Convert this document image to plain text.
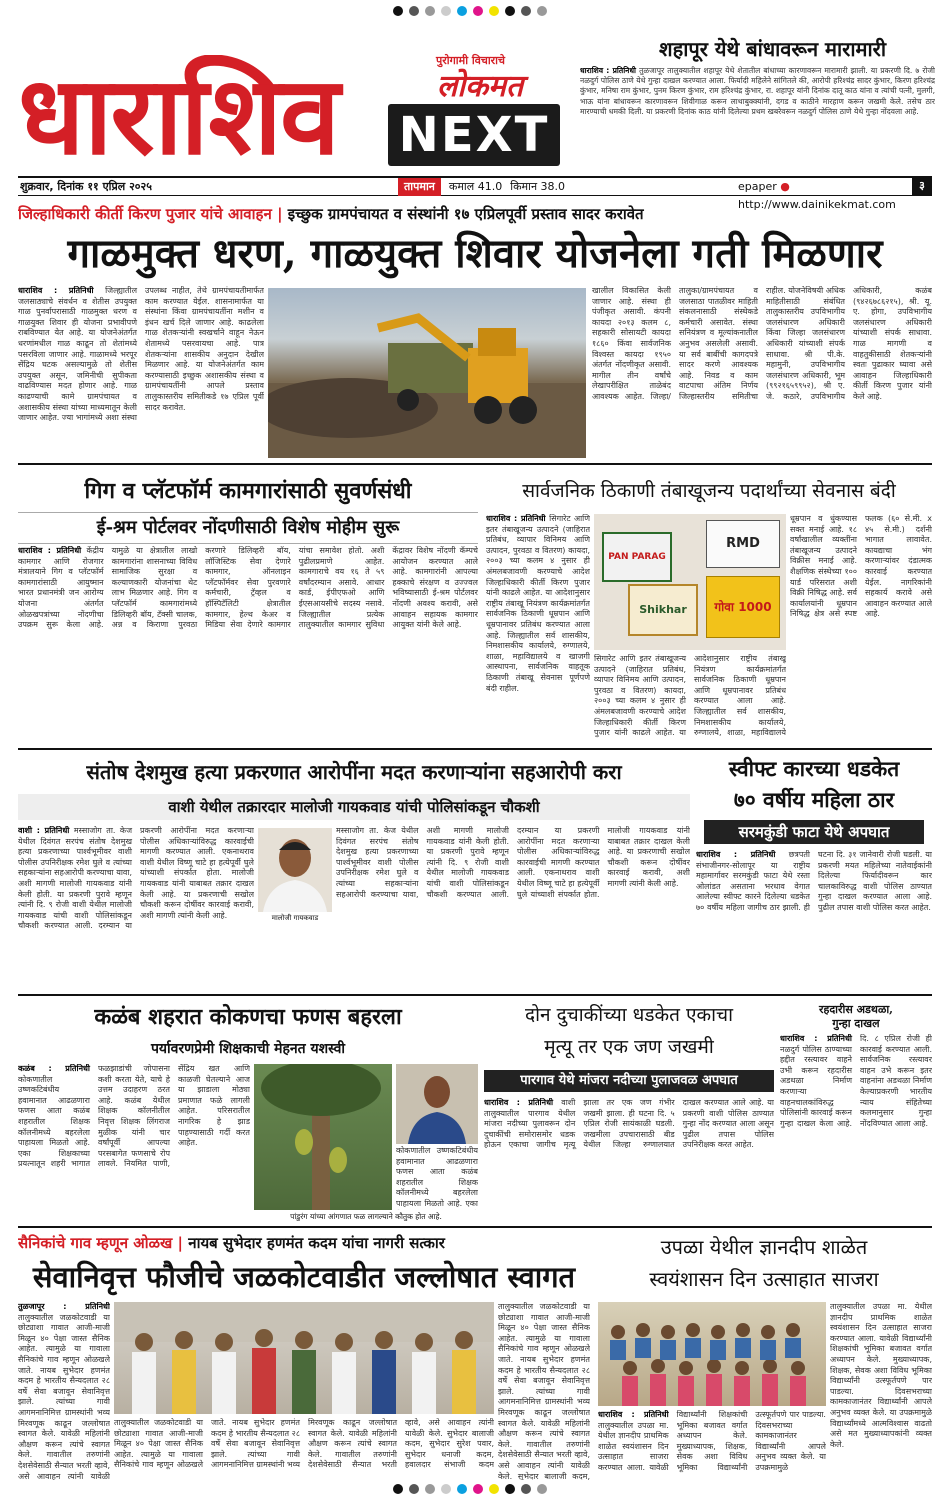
धाराशिव	पुरोगामी विचाराचे
लोकमत
NEXT
शहापूर येथे बांधावरून मारामारी
धाराशिव : प्रतिनिधी तुळजापूर तालुक्यातील शहापूर येथे शेतातील बांधाच्या कारणावरून मारामारी झाली. या प्रकरणी दि. ७ रोजी नळदुर्ग पोलिस ठाणे येथे गुन्हा दाखल करण्यात आला. फिर्यादी महिलेने सांगितले की, आरोपी हरिश्चंद्र सादर कुंभार, किरण हरिश्चंद्र कुंभार, मनिषा राम कुंभार, पुनम किरण कुंभार, राम हरिश्चंद्र कुंभार, रा. शहापूर यांनी दिनांक दातू काठ यांना व त्यांची पत्नी, मुलगी, भाऊ यांना बांधावरून कारणावरून शिवीगाळ करून लाथाबुक्क्यांनी, दगड व काठीने मारहाण करून जखमी केले. तसेच ठार मारण्याची धमकी दिली. या प्रकरणी दिनांक काठ यांनी दिलेल्या प्रथम खबरेवरून नळदुर्ग पोलिस ठाणे येथे गुन्हा नोंदवला आहे.
शुक्रवार, दिनांक ११ एप्रिल २०२५	तापमान	कमाल 41.0 किमान 38.0	epaper ● http://www.dainikekmat.com
३
जिल्हाधिकारी कीर्ती किरण पुजार यांचे आवाहन | इच्छुक ग्रामपंचायत व संस्थांनी १७ एप्रिलपूर्वी प्रस्ताव सादर करावेत
गाळमुक्त धरण, गाळयुक्त शिवार योजनेला गती मिळणार
धाराशिव : प्रतिनिधी जिल्ह्यातील जलसाठ्याचे संवर्धन व शेतीस उपयुक्त गाळ पुनर्वापरासाठी गाळमुक्त धरण व गाळयुक्त शिवार ही योजना प्रभावीपणे राबविण्यात येत आहे. या योजनेअंतर्गत धरणांमधील गाळ काढून तो शेतांमध्ये पसरविला जाणार आहे. गाळामध्ये भरपूर सेंद्रिय घटक असल्यामुळे तो शेतीस उपयुक्त असून, जमिनीची सुपीकता वाढविण्यास मदत होणार आहे. गाळ काढण्याची कामे ग्रामपंचायत व अशासकीय संस्था यांच्या माध्यमातून केली जाणार आहेत. ज्या भागांमध्ये अशा संस्था उपलब्ध नाहीत, तेथे ग्रामपंचायतीमार्फत काम करण्यात येईल. शासनामार्फत या संस्थांना किंवा ग्रामपंचायतींना मशीन व इंधन खर्च दिले जाणार आहे. काढलेला गाळ शेतकऱ्यांनी स्वखर्चाने वाहून नेऊन शेतामध्ये पसरवायचा आहे. पात्र शेतकऱ्यांना शासकीय अनुदान देखील मिळणार आहे. या योजनेअंतर्गत काम करण्यासाठी इच्छुक अशासकीय संस्था व ग्रामपंचायतींनी आपले प्रस्ताव तालुकास्तरीय समितीकडे १७ एप्रिल पूर्वी सादर करावेत.
खालील विकासित केली जाणार आहे. संस्था ही पंजीकृत असावी. कंपनी कायदा २०१३ कलम ८, सहकारी सोसायटी कायदा १८६० किंवा सार्वजनिक विश्वस्त कायदा १९५० अंतर्गत नोंदणीकृत असावी. मागील तीन वर्षांचे लेखापरीक्षित ताळेबंद आवश्यक आहेत. जिल्हा/तालुका/ग्रामपंचायत व जलसाठा पातळीवर माहिती संकलनासाठी संस्थेकडे कर्मचारी असावेत. संस्था सनियंत्रण व मूल्यांकनातील अनुभव असलेली असावी. या सर्व बाबींची कागदपत्रे सादर करणे आवश्यक आहे. निवड व काम वाटपाचा अंतिम निर्णय जिल्हास्तरीय समितीचा राहील. योजनेविषयी अधिक माहितीसाठी संबंधित तालुकास्तरीय उपविभागीय जलसंधारण अधिकारी किंवा जिल्हा जलसंधारण अधिकारी यांच्याशी संपर्क साधावा. श्री पी.के. महामुनी, उपविभागीय जलसंधारण अधिकारी, भूम (९९२१६५९९५२), श्री ए. जे. कठारे, उपविभागीय अधिकारी, कळंब (९४२६७८६२१५), श्री. यू. ए. होगा, उपविभागीय जलसंधारण अधिकारी यांच्याशी संपर्क साधावा. गाळ मागणी व वाहतुकीसाठी शेतकऱ्यांनी स्वतः पुढाकार घ्यावा असे आवाहन जिल्हाधिकारी कीर्ती किरण पुजार यांनी केले आहे.
गिग व प्लॅटफॉर्म कामगारांसाठी सुवर्णसंधी
ई-श्रम पोर्टलवर नोंदणीसाठी विशेष मोहीम सुरू
धाराशिव : प्रतिनिधी केंद्रीय कामगार आणि रोजगार मंत्रालयाने गिग व प्लॅटफॉर्म कामगारांसाठी आयुष्मान भारत प्रधानमंत्री जन आरोग्य योजना अंतर्गत ओळखपत्रांच्या नोंदणीचा उपक्रम सुरू केला आहे. यामुळे या क्षेत्रातील लाखो कामगारांना शासनाच्या विविध सामाजिक सुरक्षा व कल्याणकारी योजनांचा थेट लाभ मिळणार आहे. गिग व प्लॅटफॉर्म कामगारांमध्ये डिलिव्हरी बॉय, टॅक्सी चालक, अन्न व किराणा पुरवठा करणारे डिलिव्हरी बॉय, लॉजिस्टिक सेवा देणारे कामगार, ऑनलाइन प्लॅटफॉर्मवर सेवा पुरवणारे कर्मचारी, ट्रॅव्हल व हॉस्पिटॅलिटी क्षेत्रातील कामगार, हेल्थ केअर व मिडिया सेवा देणारे कामगार यांचा समावेश होतो. अशी पुढीलप्रमाणे आहेत. कामगाराचे वय १६ ते ५९ वर्षांदरम्यान असावे. आधार कार्ड, ईपीएफओ आणि ईएसआयसीचे सदस्य नसावे. जिल्ह्यातील प्रत्येक तालुक्यातील कामगार सुविधा केंद्रावर विशेष नोंदणी कॅम्पचे आयोजन करण्यात आले आहे. कामगारांनी आपल्या हक्काचे संरक्षण व उज्ज्वल भविष्यासाठी ई-श्रम पोर्टलवर नोंदणी अवश्य करावी, असे आवाहन सहायक कामगार आयुक्त यांनी केले आहे.
सार्वजनिक ठिकाणी तंबाखूजन्य पदार्थांच्या सेवनास बंदी
धाराशिव : प्रतिनिधी सिगारेट आणि इतर तंबाखूजन्य उत्पादने (जाहिरात प्रतिबंध, व्यापार विनिमय आणि उत्पादन, पुरवठा व वितरण) कायदा, २००३ च्या कलम ४ नुसार ही अंमलबजावणी करण्याचे आदेश जिल्हाधिकारी कीर्ती किरण पुजार यांनी काढले आहेत. या आदेशानुसार राष्ट्रीय तंबाखू नियंत्रण कार्यक्रमांतर्गत सार्वजनिक ठिकाणी धूम्रपान आणि धूम्रपानावर प्रतिबंध करण्यात आला आहे. जिल्ह्यातील सर्व शासकीय, निमशासकीय कार्यालये, रुग्णालये, शाळा, महाविद्यालये व खाजगी आस्थापना, सार्वजनिक वाहतूक ठिकाणी तंबाखू सेवनास पूर्णपणे बंदी राहील.
PAN PARAG
Shikhar
RMD
गोवा 1000
सिगारेट आणि इतर तंबाखूजन्य उत्पादने (जाहिरात प्रतिबंध, व्यापार विनिमय आणि उत्पादन, पुरवठा व वितरण) कायदा, २००३ च्या कलम ४ नुसार ही अंमलबजावणी करण्याचे आदेश जिल्हाधिकारी कीर्ती किरण पुजार यांनी काढले आहेत. या आदेशानुसार राष्ट्रीय तंबाखू नियंत्रण कार्यक्रमांतर्गत सार्वजनिक ठिकाणी धूम्रपान आणि धूम्रपानावर प्रतिबंध करण्यात आला आहे. जिल्ह्यातील सर्व शासकीय, निमशासकीय कार्यालये, रुग्णालये, शाळा, महाविद्यालये
धूम्रपान व धुंकण्यास सक्त मनाई आहे. १८ वर्षांखालील व्यक्तींना तंबाखूजन्य उत्पादने विक्रीस मनाई आहे. शैक्षणिक संस्थेच्या १०० यार्ड परिसरात अशी विक्री निषिद्ध आहे. सर्व कार्यालयांनी धूम्रपान निषिद्ध क्षेत्र असे स्पष्ट फलक (६० से.मी. x ४५ से.मी.) दर्शनी भागात लावावेत. कायद्याचा भंग करणाऱ्यांवर दंडात्मक कारवाई करण्यात येईल. नागरिकांनी सहकार्य करावे असे आवाहन करण्यात आले आहे.
संतोष देशमुख हत्या प्रकरणात आरोपींना मदत करणाऱ्यांना सहआरोपी करा
वाशी येथील तक्रारदार मालोजी गायकवाड यांची पोलिसांकडून चौकशी
वाशी : प्रतिनिधी मस्साजोग ता. केज येथील दिवंगत सरपंच संतोष देशमुख हत्या प्रकरणाच्या पार्श्वभूमीवर वाशी पोलीस उपनिरीक्षक रमेश घुले व त्यांच्या सहकाऱ्यांना सहआरोपी करण्याचा यावा, अशी मागणी मालोजी गायकवाड यांनी केली होती. या प्रकरणी पुरावे म्हणून त्यांनी दि. ९ रोजी वाशी येथील मालोजी गायकवाड यांची वाशी पोलिसांकडून चौकशी करण्यात आली. दरम्यान या प्रकरणी आरोपींना मदत करणाऱ्या पोलीस अधिकाऱ्यांविरुद्ध कारवाईची मागणी करण्यात आली. एकनाथराव वाशी येथील विष्णू चाटे हा हत्येपूर्वी घुले यांच्याशी संपर्कात होता. मालोजी गायकवाड यांनी याबाबत तक्रार दाखल केली आहे. या प्रकरणाची सखोल चौकशी करून दोषींवर कारवाई करावी, अशी मागणी त्यांनी केली आहे.	मालोजी गायकवाड
मस्साजोग ता. केज येथील दिवंगत सरपंच संतोष देशमुख हत्या प्रकरणाच्या पार्श्वभूमीवर वाशी पोलीस उपनिरीक्षक रमेश घुले व त्यांच्या सहकाऱ्यांना सहआरोपी करण्याचा यावा, अशी मागणी मालोजी गायकवाड यांनी केली होती. या प्रकरणी पुरावे म्हणून त्यांनी दि. ९ रोजी वाशी येथील मालोजी गायकवाड यांची वाशी पोलिसांकडून चौकशी करण्यात आली. दरम्यान या प्रकरणी आरोपींना मदत करणाऱ्या पोलीस अधिकाऱ्यांविरुद्ध कारवाईची मागणी करण्यात आली. एकनाथराव वाशी येथील विष्णू चाटे हा हत्येपूर्वी घुले यांच्याशी संपर्कात होता. मालोजी गायकवाड यांनी याबाबत तक्रार दाखल केली आहे. या प्रकरणाची सखोल चौकशी करून दोषींवर कारवाई करावी, अशी मागणी त्यांनी केली आहे.
स्वीफ्ट कारच्या धडकेत
७० वर्षीय महिला ठार
सरमकुंडी फाटा येथे अपघात
धाराशिव : प्रतिनिधी छत्रपती संभाजीनगर-सोलापूर या राष्ट्रीय महामार्गावर सरमकुंडी फाटा येथे रस्ता ओलांडत असताना भरधाव वेगात आलेल्या स्वीफ्ट कारने दिलेल्या धडकेत ७० वर्षीय महिला जागीच ठार झाली. ही घटना दि. ३१ जानेवारी रोजी घडली. या प्रकरणी मयत महिलेच्या नातेवाईकांनी दिलेल्या फिर्यादीवरून कार चालकाविरुद्ध वाशी पोलिस ठाण्यात गुन्हा दाखल करण्यात आला आहे. पुढील तपास वाशी पोलिस करत आहेत.
कळंब शहरात कोकणचा फणस बहरला
पर्यावरणप्रेमी शिक्षकाची मेहनत यशस्वी
कळंब : प्रतिनिधी कोकणातील उष्णकटिबंधीय हवामानात आढळणारा फणस आता कळंब शहरातील शिक्षक कॉलनीमध्ये बहरलेला पाहायला मिळतो आहे. एका शिक्षकाच्या प्रयत्नातून शहरी भागात फळझाडांची जोपासना कशी करता येते, याचे हे उत्तम उदाहरण ठरत आहे. कळंब येथील शिक्षक कॉलनीतील निवृत्त शिक्षक लिंगराज मुळीक यांनी चार वर्षांपूर्वी आपल्या परसबागेत फणसाचे रोप लावले. नियमित पाणी, सेंद्रिय खत आणि काळजी घेतल्याने आज या झाडाला मोठ्या प्रमाणात फळे लागली आहेत. परिसरातील नागरिक हे झाड पाहण्यासाठी गर्दी करत आहेत.
कोकणातील उष्णकटिबंधीय हवामानात आढळणारा फणस आता कळंब शहरातील शिक्षक कॉलनीमध्ये बहरलेला पाहायला मिळतो आहे. एका
पांडुरंग यांच्या आंगणात फळ लागल्याने कौतुक होत आहे.
दोन दुचाकींच्या धडकेत एकाचा
मृत्यू तर एक जण जखमी
पारगाव येथे मांजरा नदीच्या पुलाजवळ अपघात
धाराशिव : प्रतिनिधी वाशी तालुक्यातील पारगाव येथील मांजरा नदीच्या पुलावरून दोन दुचाकींची समोरासमोर धडक होऊन एकाचा जागीच मृत्यू झाला तर एक जण गंभीर जखमी झाला. ही घटना दि. ५ एप्रिल रोजी सायंकाळी घडली. जखमीला उपचारासाठी बीड येथील जिल्हा रुग्णालयात दाखल करण्यात आले आहे. या प्रकरणी वाशी पोलिस ठाण्यात गुन्हा नोंद करण्यात आला असून पुढील तपास पोलिस उपनिरीक्षक करत आहेत.
रहदारीस अडथळा,
गुन्हा दाखल
धाराशिव : प्रतिनिधी नळदुर्ग पोलिस ठाण्याच्या हद्दीत रस्त्यावर वाहने उभी करून रहदारीस अडथळा निर्माण करणाऱ्या वाहनचालकांविरुद्ध पोलिसांनी कारवाई करून गुन्हा दाखल केला आहे. दि. ८ एप्रिल रोजी ही कारवाई करण्यात आली. सार्वजनिक रस्त्यावर वाहन उभे करून इतर वाहनांना अडथळा निर्माण केल्याप्रकरणी भारतीय न्याय संहितेच्या कलमानुसार गुन्हा नोंदविण्यात आला आहे.
सैनिकांचे गाव म्हणून ओळख | नायब सुभेदार हणमंत कदम यांचा नागरी सत्कार
सेवानिवृत्त फौजीचे जळकोटवाडीत जल्लोषात स्वागत
तुळजापूर : प्रतिनिधी तालुक्यातील जळकोटवाडी या छोट्याशा गावात आजी-माजी मिळून ४० पेक्षा जास्त सैनिक आहेत. त्यामुळे या गावाला सैनिकांचे गाव म्हणून ओळखले जाते. नायब सुभेदार हणमंत कदम हे भारतीय सैन्यदलात २८ वर्षे सेवा बजावून सेवानिवृत्त झाले. त्यांच्या गावी आगमनानिमित्त ग्रामस्थांनी भव्य मिरवणूक काढून जल्लोषात स्वागत केले. यावेळी महिलांनी औक्षण करून त्यांचे स्वागत केले. गावातील तरुणांनी देशसेवेसाठी सैन्यात भरती व्हावे, असे आवाहन त्यांनी यावेळी
तालुक्यातील जळकोटवाडी या छोट्याशा गावात आजी-माजी मिळून ४० पेक्षा जास्त सैनिक आहेत. त्यामुळे या गावाला सैनिकांचे गाव म्हणून ओळखले जाते. नायब सुभेदार हणमंत कदम हे भारतीय सैन्यदलात २८ वर्षे सेवा बजावून सेवानिवृत्त झाले. त्यांच्या गावी आगमनानिमित्त ग्रामस्थांनी भव्य मिरवणूक काढून जल्लोषात स्वागत केले. यावेळी महिलांनी औक्षण करून त्यांचे स्वागत केले. गावातील तरुणांनी देशसेवेसाठी सैन्यात भरती व्हावे, असे आवाहन त्यांनी यावेळी केले. सुभेदार बालाजी कदम, सुभेदार सुरेश पवार, सुभेदार धनाजी कदम, हवालदार संभाजी कदम
तालुक्यातील जळकोटवाडी या छोट्याशा गावात आजी-माजी मिळून ४० पेक्षा जास्त सैनिक आहेत. त्यामुळे या गावाला सैनिकांचे गाव म्हणून ओळखले जाते. नायब सुभेदार हणमंत कदम हे भारतीय सैन्यदलात २८ वर्षे सेवा बजावून सेवानिवृत्त झाले. त्यांच्या गावी आगमनानिमित्त ग्रामस्थांनी भव्य मिरवणूक काढून जल्लोषात स्वागत केले. यावेळी महिलांनी औक्षण करून त्यांचे स्वागत केले. गावातील तरुणांनी देशसेवेसाठी सैन्यात भरती व्हावे, असे आवाहन त्यांनी यावेळी केले. सुभेदार बालाजी कदम,
उपळा येथील ज्ञानदीप शाळेत
स्वयंशासन दिन उत्साहात साजरा
धाराशिव : प्रतिनिधी तालुक्यातील उपळा मा. येथील ज्ञानदीप प्राथमिक शाळेत स्वयंशासन दिन उत्साहात साजरा करण्यात आला. यावेळी विद्यार्थ्यांनी शिक्षकांची भूमिका बजावत वर्गात अध्यापन केले. मुख्याध्यापक, शिक्षक, सेवक अशा विविध भूमिका विद्यार्थ्यांनी उत्स्फूर्तपणे पार पाडल्या. दिवसभराच्या कामकाजानंतर विद्यार्थ्यांनी आपले अनुभव व्यक्त केले. या उपक्रमामुळे
तालुक्यातील उपळा मा. येथील ज्ञानदीप प्राथमिक शाळेत स्वयंशासन दिन उत्साहात साजरा करण्यात आला. यावेळी विद्यार्थ्यांनी शिक्षकांची भूमिका बजावत वर्गात अध्यापन केले. मुख्याध्यापक, शिक्षक, सेवक अशा विविध भूमिका विद्यार्थ्यांनी उत्स्फूर्तपणे पार पाडल्या. दिवसभराच्या कामकाजानंतर विद्यार्थ्यांनी आपले अनुभव व्यक्त केले. या उपक्रमामुळे विद्यार्थ्यांमध्ये आत्मविश्वास वाढतो असे मत मुख्याध्यापकांनी व्यक्त केले.
